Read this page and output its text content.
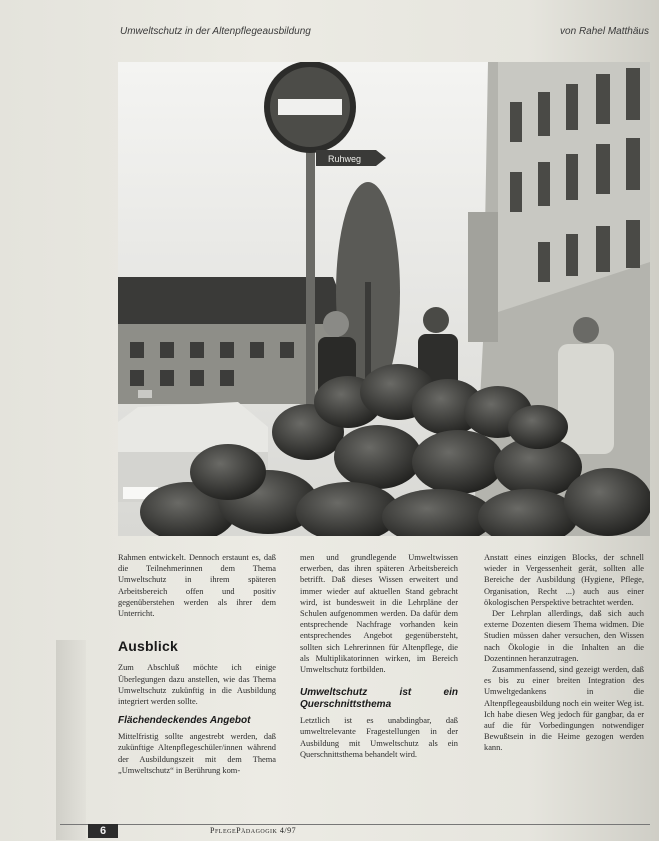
Umweltschutz in der Altenpflegeausbildung	von Rahel Matthäus
Ruhweg

Rahmen entwickelt. Dennoch erstaunt es, daß die Teilnehmerinnen dem Thema Umweltschutz in ihrem späteren Arbeitsbereich offen und positiv gegenüberstehen werden als ihrer dem Unterricht.

Ausblick

Zum Abschluß möchte ich einige Überlegungen dazu anstellen, wie das Thema Umweltschutz zukünftig in die Ausbildung integriert werden sollte.

Flächendeckendes Angebot

Mittelfristig sollte angestrebt werden, daß zukünftige Altenpflegeschüler/innen während der Ausbildungszeit mit dem Thema „Umweltschutz“ in Berührung kom-

men und grundlegende Umweltwissen erwerben, das ihren späteren Arbeitsbereich betrifft. Daß dieses Wissen erweitert und immer wieder auf aktuellen Stand gebracht wird, ist bundesweit in die Lehrpläne der Schulen aufgenommen werden. Da dafür dem entsprechende Nachfrage vorhanden kein entsprechendes Angebot gegenübersteht, sollten sich Lehrerinnen für Altenpflege, die als Multiplikatorinnen wirken, im Bereich Umweltschutz fortbilden.

Umweltschutz ist ein Querschnittsthema

Letztlich ist es unabdingbar, daß umweltrelevante Fragestellungen in der Ausbildung mit Umweltschutz als ein Querschnittsthema behandelt wird.

Anstatt eines einzigen Blocks, der schnell wieder in Vergessenheit gerät, sollten alle Bereiche der Ausbildung (Hygiene, Pflege, Organisation, Recht ...) auch aus einer ökologischen Perspektive betrachtet werden.

Der Lehrplan allerdings, daß sich auch externe Dozenten diesem Thema widmen. Die Studien müssen daher versuchen, den Wissen nach Ökologie in die Inhalten an die Dozentinnen heranzutragen.

Zusammenfassend, sind gezeigt werden, daß es bis zu einer breiten Integration des Umweltgedankens in die Altenpflegeausbildung noch ein weiter Weg ist. Ich habe diesen Weg jedoch für gangbar, da er auf die für Vorbedingungen notwendiger Bewußtsein in die Heime gezogen werden kann.

6	PflegePädagogik 4/97
